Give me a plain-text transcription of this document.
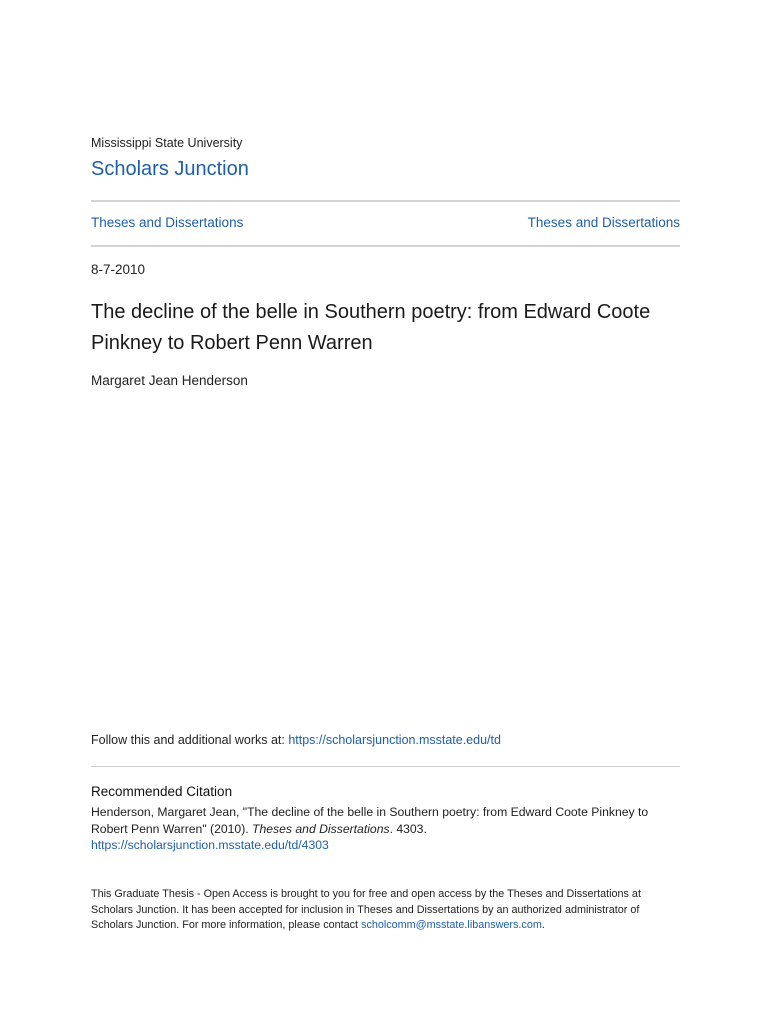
Mississippi State University
Scholars Junction
Theses and Dissertations	Theses and Dissertations
8-7-2010
The decline of the belle in Southern poetry: from Edward Coote Pinkney to Robert Penn Warren
Margaret Jean Henderson
Follow this and additional works at: https://scholarsjunction.msstate.edu/td
Recommended Citation
Henderson, Margaret Jean, "The decline of the belle in Southern poetry: from Edward Coote Pinkney to Robert Penn Warren" (2010). Theses and Dissertations. 4303.
https://scholarsjunction.msstate.edu/td/4303
This Graduate Thesis - Open Access is brought to you for free and open access by the Theses and Dissertations at Scholars Junction. It has been accepted for inclusion in Theses and Dissertations by an authorized administrator of Scholars Junction. For more information, please contact scholcomm@msstate.libanswers.com.
